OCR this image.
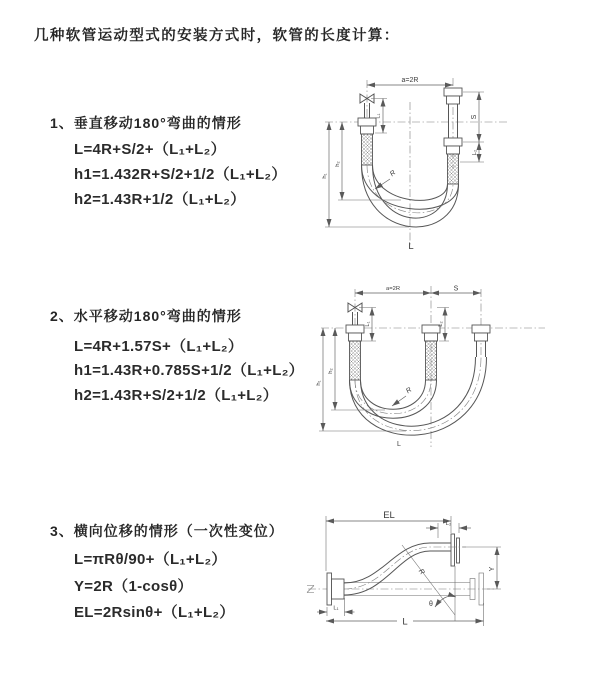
几种软管运动型式的安装方式时，软管的长度计算：
1、垂直移动180°弯曲的情形
L=4R+S/2+（L₁+L₂）
h1=1.432R+S/2+1/2（L₁+L₂）
h2=1.43R+1/2（L₁+L₂）
a=2R
L₁	S
L₂
h₂
h₁	R
L
2、水平移动180°弯曲的情形
L=4R+1.57S+（L₁+L₂）
h1=1.43R+0.785S+1/2（L₁+L₂）
h2=1.43R+S/2+1/2（L₁+L₂）
a=2R	S
L₁	L₂
h₂
h₁
R
L
3、横向位移的情形（一次性变位）
L=πRθ/90+（L₁+L₂）
Y=2R（1-cosθ）
EL=2Rsinθ+（L₁+L₂）
EL
L₂
R
θ
Y
L
L₁
